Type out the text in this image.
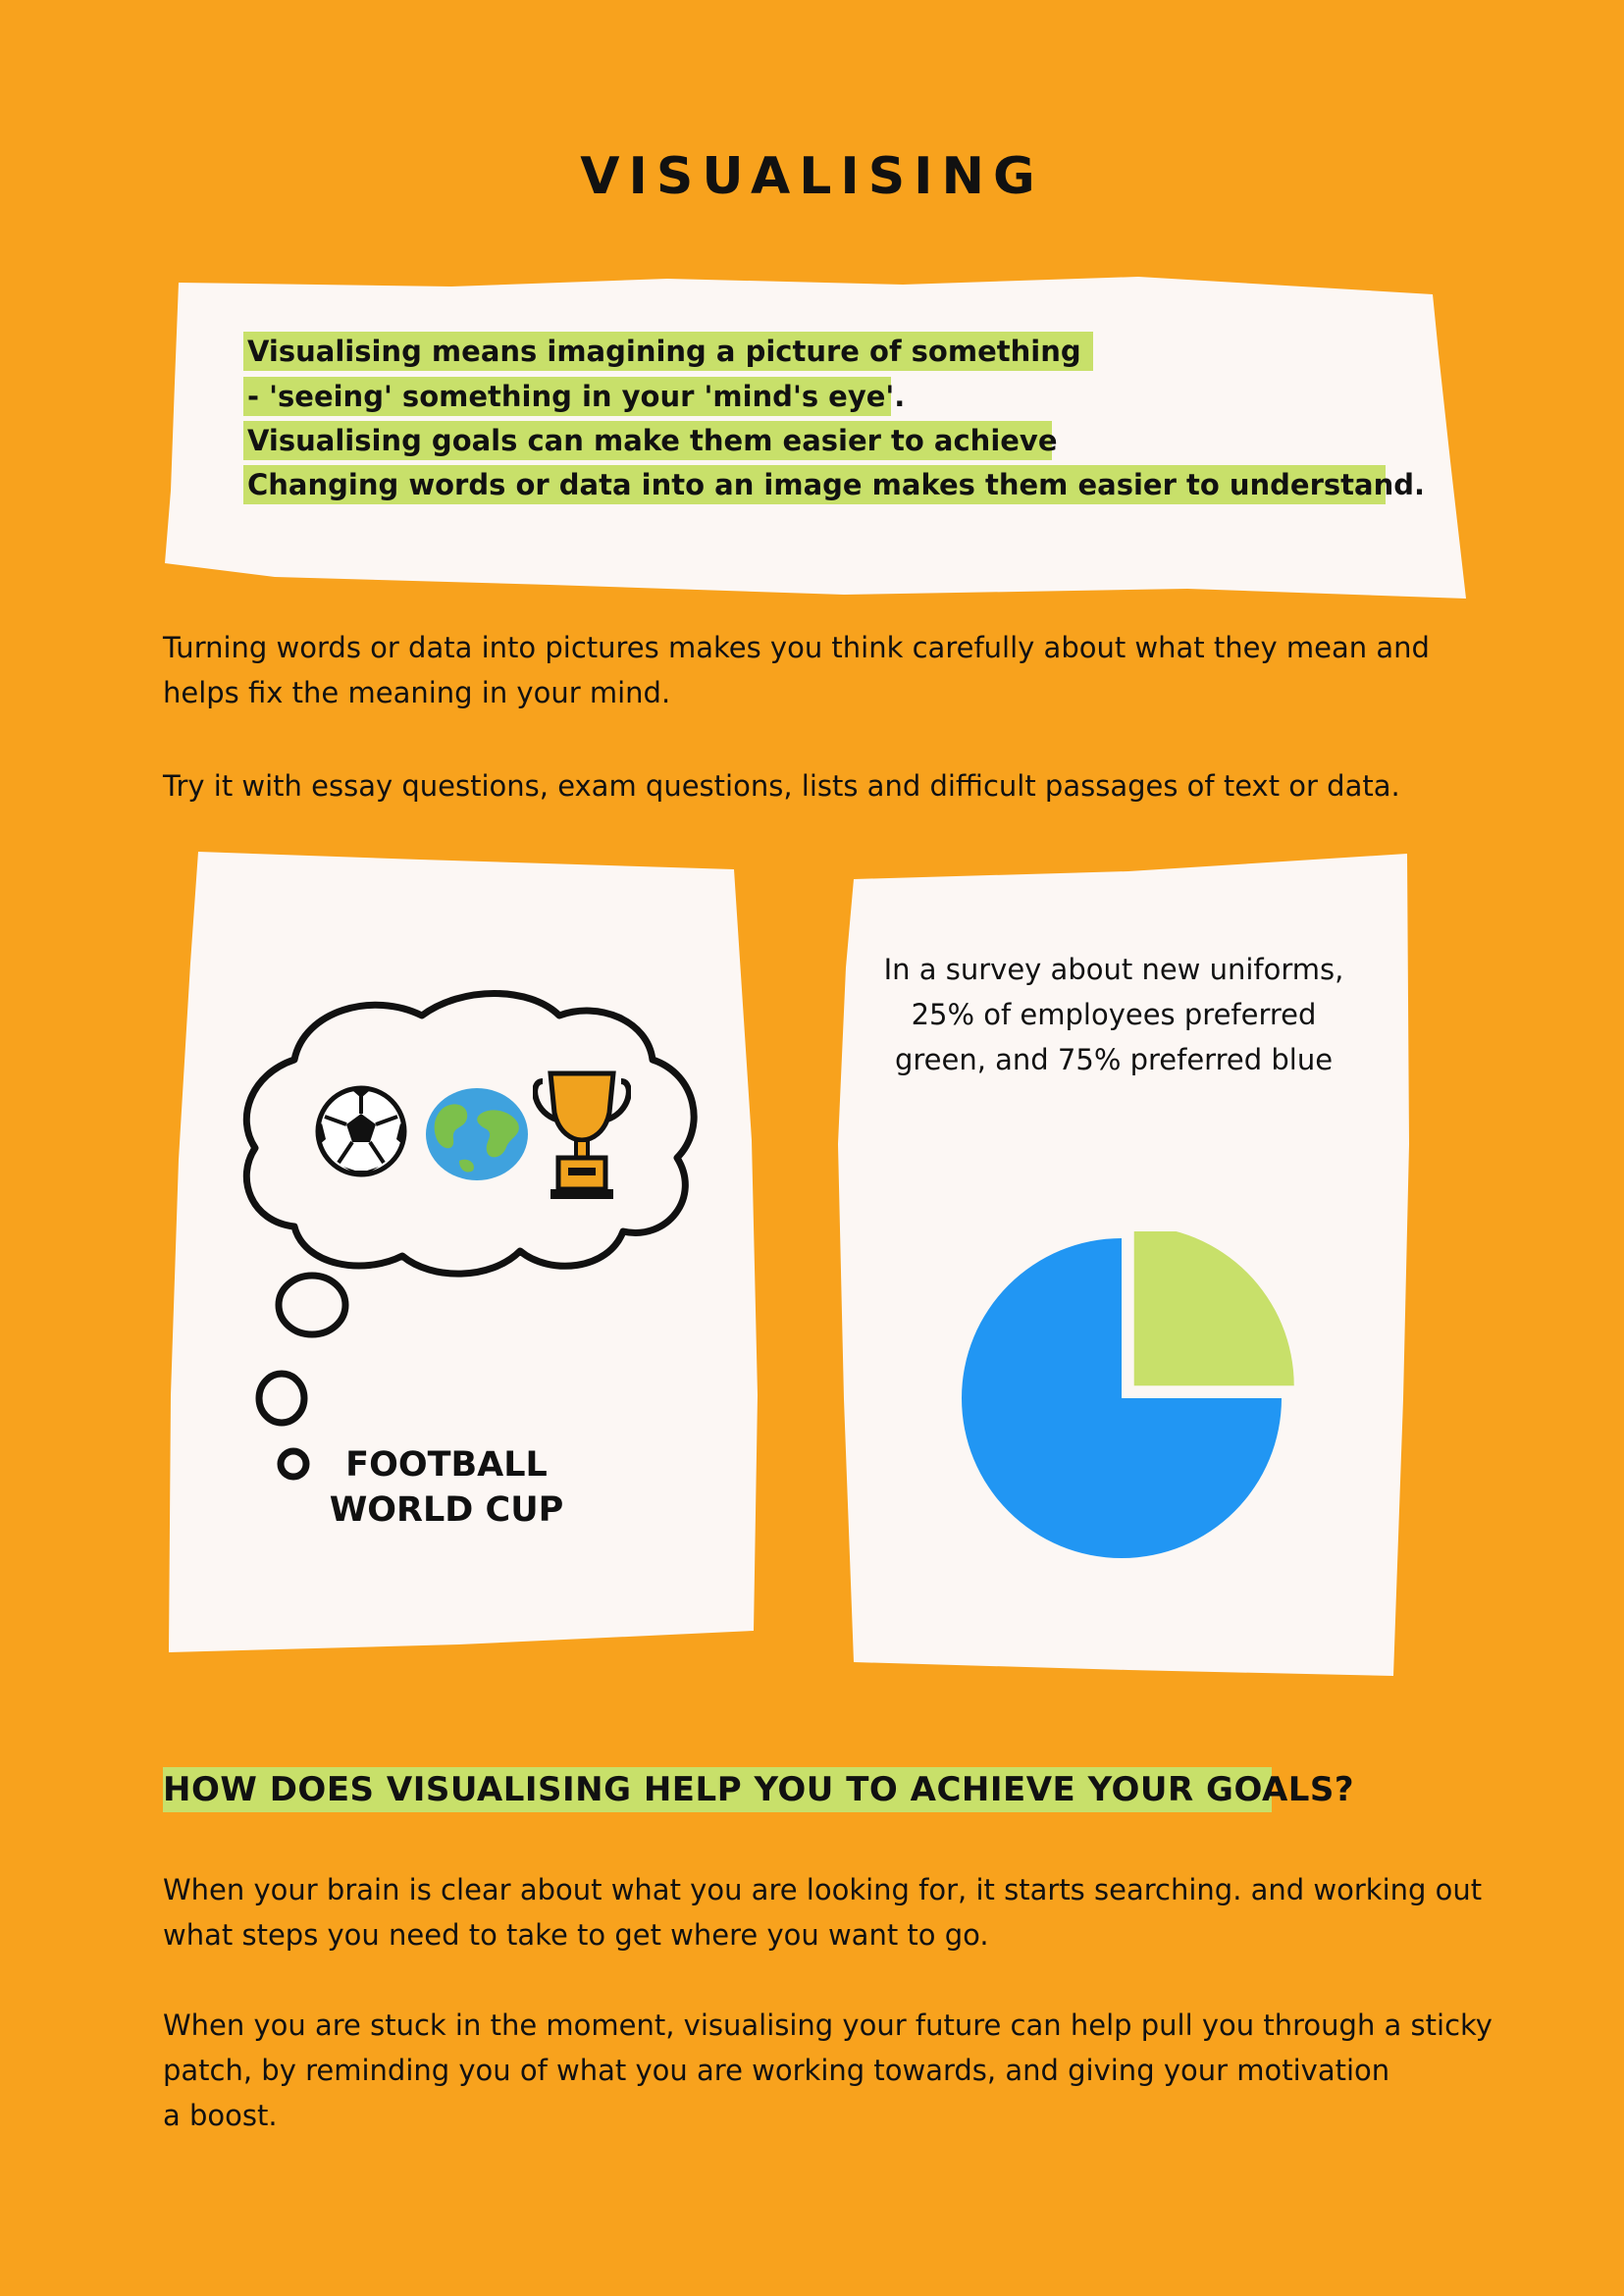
VISUALISING
Visualising means imagining a picture of something
- 'seeing' something in your 'mind's eye'.
Visualising goals can make them easier to achieve
Changing words or data into an image makes them easier to understand.

Turning words or data into pictures makes you think carefully about what they mean and
helps fix the meaning in your mind.

Try it with essay questions, exam questions, lists and difficult passages of text or data.

FOOTBALL
WORLD CUP

In a survey about new uniforms, 25% of employees preferred green, and 75% preferred blue

HOW DOES VISUALISING HELP YOU TO ACHIEVE YOUR GOALS?

When your brain is clear about what you are looking for, it starts searching. and working out
what steps you need to take to get where you want to go.

When you are stuck in the moment, visualising your future can help pull you through a sticky
patch, by reminding you of what you are working towards, and giving your motivation
a boost.
